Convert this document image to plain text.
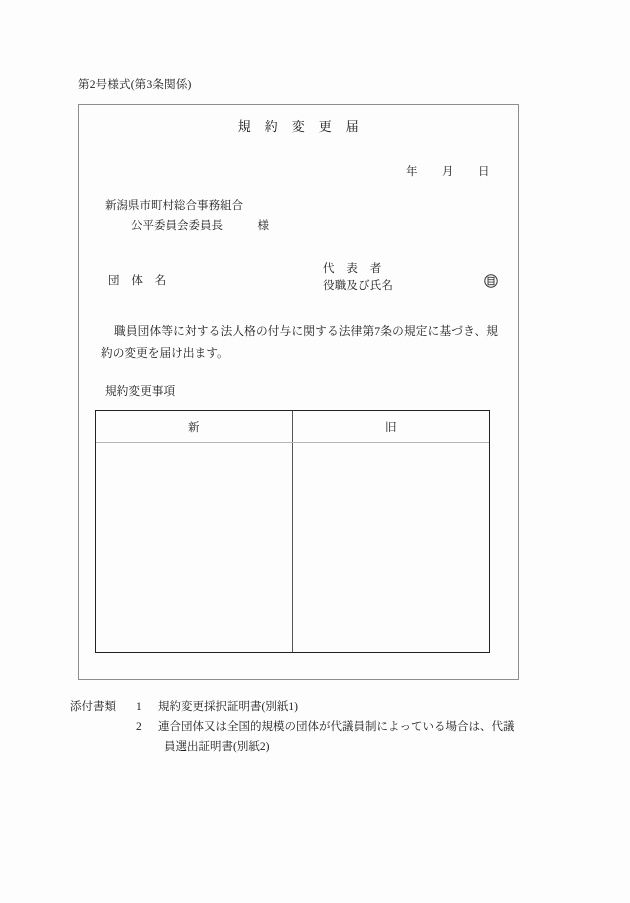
第2号様式(第3条関係)
規　約　変　更　届
年　　月　　日
新潟県市町村総合事務組合
公平委員会委員長　　　様
団　体　名
代　表　者
役職及び氏名
職員団体等に対する法人格の付与に関する法律第7条の規定に基づき、規約の変更を届け出ます。
規約変更事項
新	旧
添付書類	1	規約変更採択証明書(別紙1)
2	連合団体又は全国的規模の団体が代議員制によっている場合は、代議
員選出証明書(別紙2)
